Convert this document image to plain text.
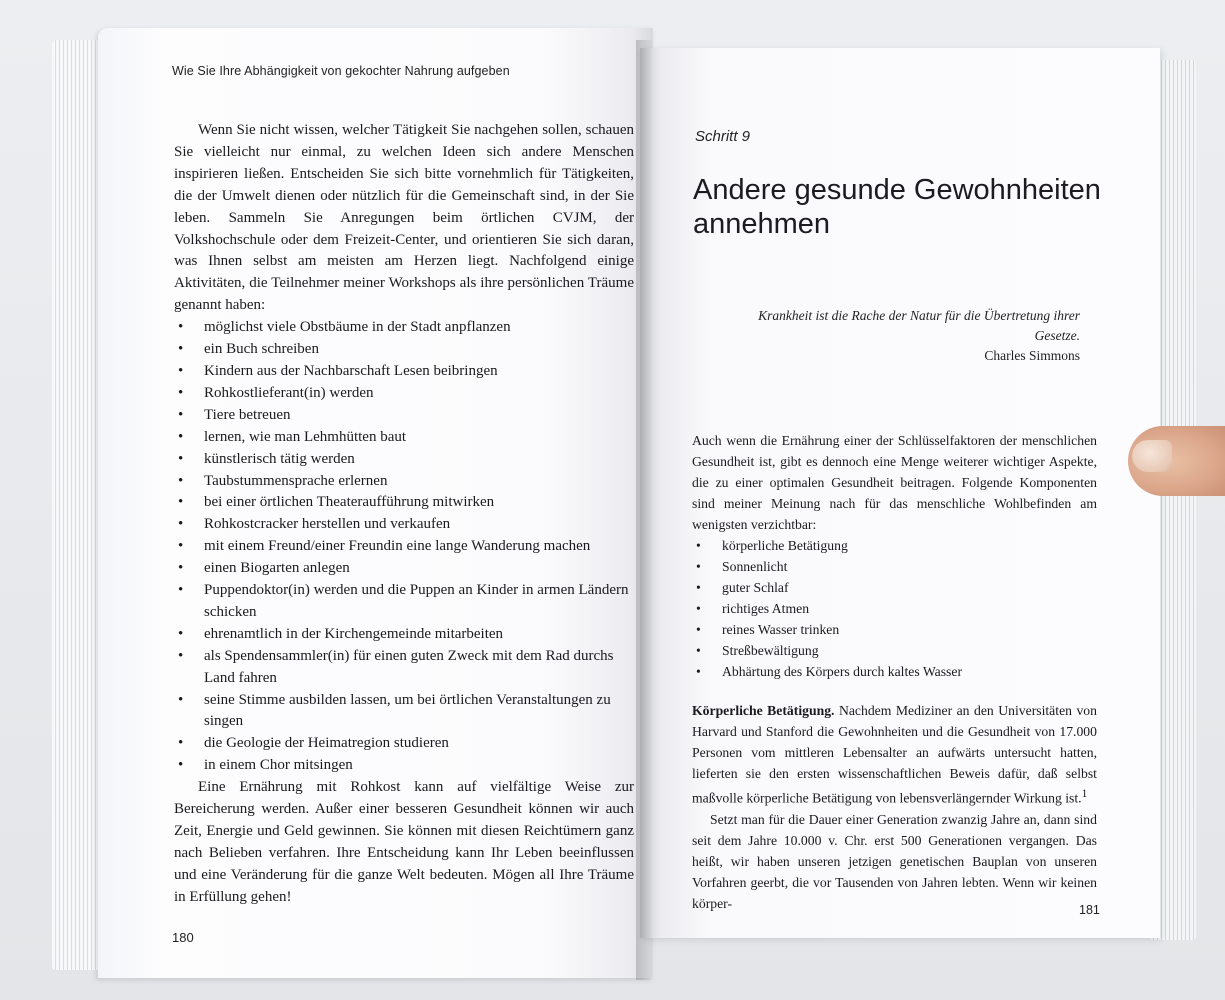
Wie Sie Ihre Abhängigkeit von gekochter Nahrung aufgeben

Wenn Sie nicht wissen, welcher Tätigkeit Sie nachgehen sollen, schauen Sie vielleicht nur einmal, zu welchen Ideen sich andere Menschen inspirieren ließen. Entscheiden Sie sich bitte vornehmlich für Tätigkeiten, die der Umwelt dienen oder nützlich für die Gemeinschaft sind, in der Sie leben. Sammeln Sie Anregungen beim örtlichen CVJM, der Volkshochschule oder dem Freizeit-Center, und orientieren Sie sich daran, was Ihnen selbst am meisten am Herzen liegt. Nachfolgend einige Aktivitäten, die Teilnehmer meiner Workshops als ihre persönlichen Träume genannt haben:

• möglichst viele Obstbäume in der Stadt anpflanzen
• ein Buch schreiben
• Kindern aus der Nachbarschaft Lesen beibringen
• Rohkostlieferant(in) werden
• Tiere betreuen
• lernen, wie man Lehmhütten baut
• künstlerisch tätig werden
• Taubstummensprache erlernen
• bei einer örtlichen Theateraufführung mitwirken
• Rohkostcracker herstellen und verkaufen
• mit einem Freund/einer Freundin eine lange Wanderung machen
• einen Biogarten anlegen
• Puppendoktor(in) werden und die Puppen an Kinder in armen Ländern schicken
• ehrenamtlich in der Kirchengemeinde mitarbeiten
• als Spendensammler(in) für einen guten Zweck mit dem Rad durchs Land fahren
• seine Stimme ausbilden lassen, um bei örtlichen Veranstaltungen zu singen
• die Geologie der Heimatregion studieren
• in einem Chor mitsingen

Eine Ernährung mit Rohkost kann auf vielfältige Weise zur Bereicherung werden. Außer einer besseren Gesundheit können wir auch Zeit, Energie und Geld gewinnen. Sie können mit diesen Reichtümern ganz nach Belieben verfahren. Ihre Entscheidung kann Ihr Leben beeinflussen und eine Veränderung für die ganze Welt bedeuten. Mögen all Ihre Träume in Erfüllung gehen!

180
Schritt 9
Andere gesunde Gewohnheiten annehmen
Krankheit ist die Rache der Natur für die Übertretung ihrer Gesetze.
Charles Simmons

Auch wenn die Ernährung einer der Schlüsselfaktoren der menschlichen Gesundheit ist, gibt es dennoch eine Menge weiterer wichtiger Aspekte, die zu einer optimalen Gesundheit beitragen. Folgende Komponenten sind meiner Meinung nach für das menschliche Wohlbefinden am wenigsten verzichtbar:

• körperliche Betätigung
• Sonnenlicht
• guter Schlaf
• richtiges Atmen
• reines Wasser trinken
• Streßbewältigung
• Abhärtung des Körpers durch kaltes Wasser

Körperliche Betätigung. Nachdem Mediziner an den Universitäten von Harvard und Stanford die Gewohnheiten und die Gesundheit von 17.000 Personen vom mittleren Lebensalter an aufwärts untersucht hatten, lieferten sie den ersten wissenschaftlichen Beweis dafür, daß selbst maßvolle körperliche Betätigung von lebensverlängernder Wirkung ist.$^1$

Setzt man für die Dauer einer Generation zwanzig Jahre an, dann sind seit dem Jahre 10.000 v. Chr. erst 500 Generationen vergangen. Das heißt, wir haben unseren jetzigen genetischen Bauplan von unseren Vorfahren geerbt, die vor Tausenden von Jahren lebten. Wenn wir keinen körper-	181
